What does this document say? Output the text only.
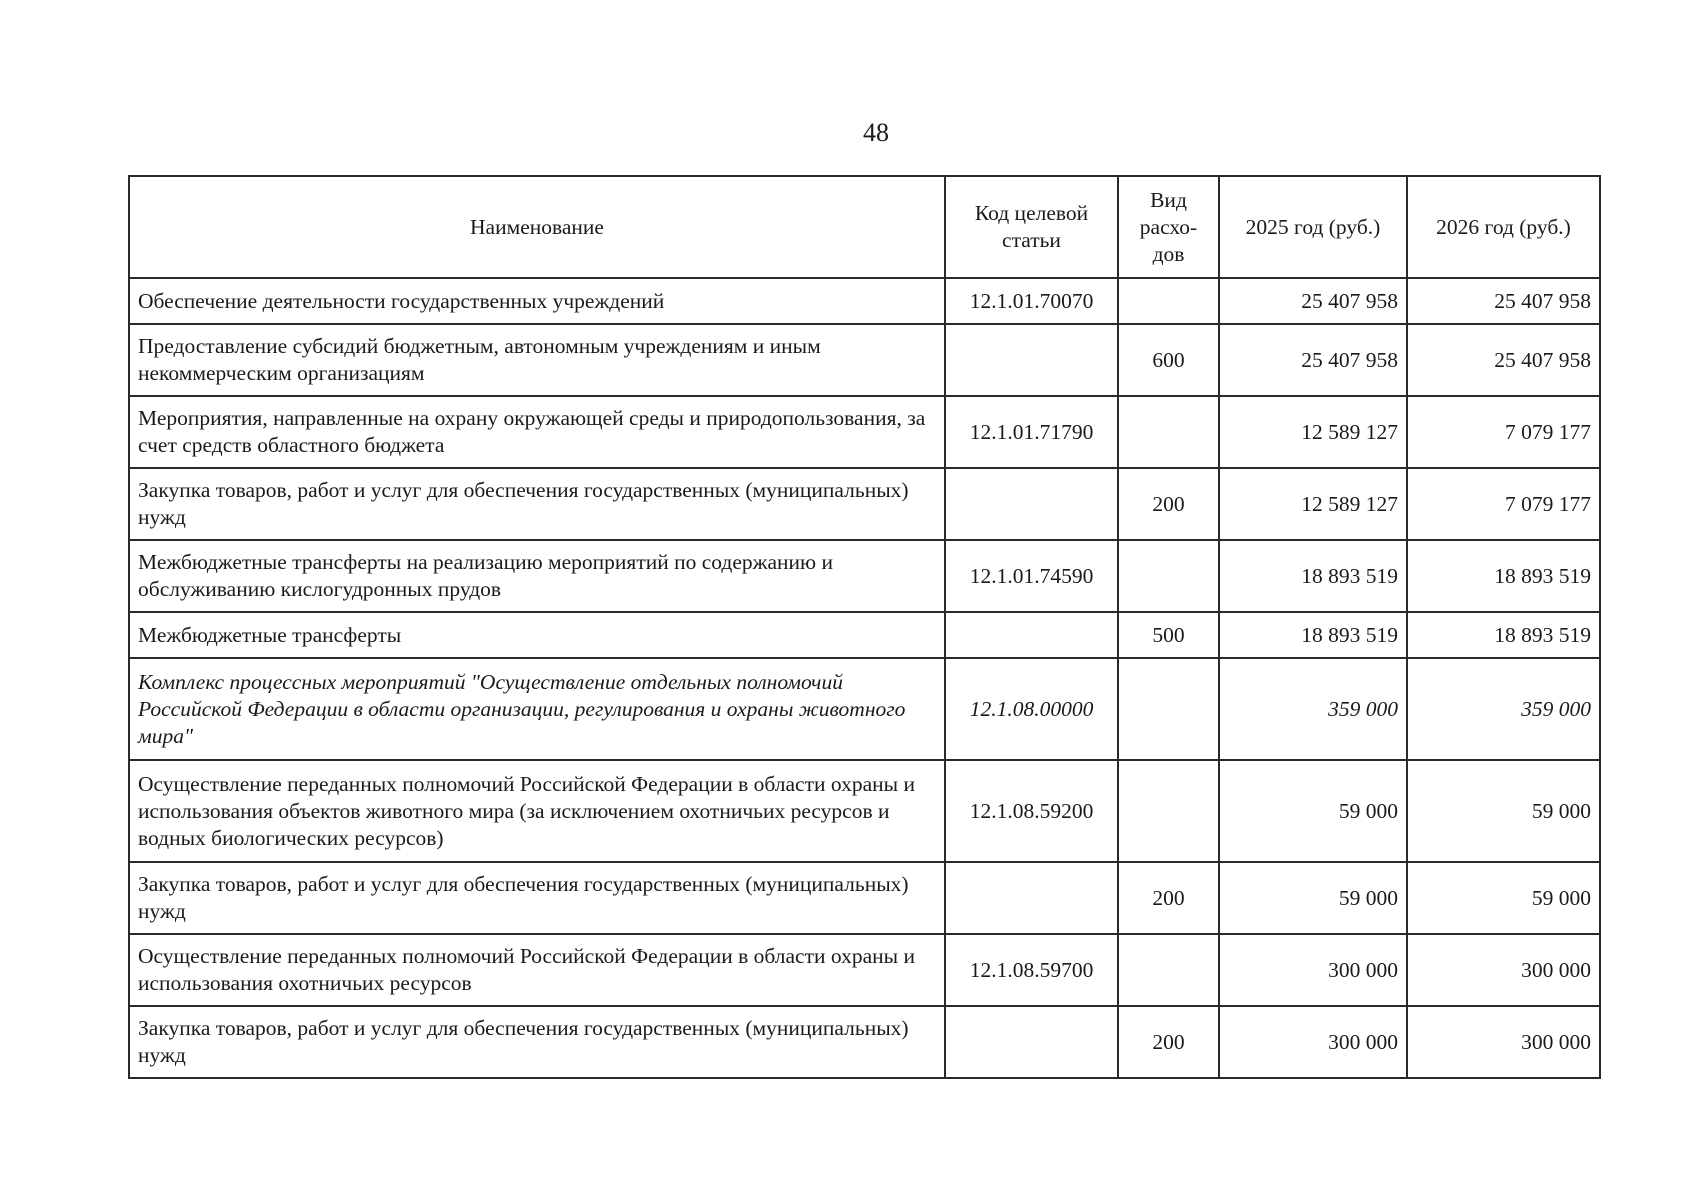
48
Наименование	Код целевой статьи	Вид расхо-дов	2025 год (руб.)	2026 год (руб.)
Обеспечение деятельности государственных учреждений	12.1.01.70070		25 407 958	25 407 958
Предоставление субсидий бюджетным, автономным учреждениям и иным некоммерческим организациям		600	25 407 958	25 407 958
Мероприятия, направленные на охрану окружающей среды и природопользования, за счет средств областного бюджета	12.1.01.71790		12 589 127	7 079 177
Закупка товаров, работ и услуг для обеспечения государственных (муниципальных) нужд		200	12 589 127	7 079 177
Межбюджетные трансферты на реализацию мероприятий по содержанию и обслуживанию кислогудронных прудов	12.1.01.74590		18 893 519	18 893 519
Межбюджетные трансферты		500	18 893 519	18 893 519
Комплекс процессных мероприятий "Осуществление отдельных полномочий Российской Федерации в области организации, регулирования и охраны животного мира"	12.1.08.00000		359 000	359 000
Осуществление переданных полномочий Российской Федерации в области охраны и использования объектов животного мира (за исключением охотничьих ресурсов и водных биологических ресурсов)	12.1.08.59200		59 000	59 000
Закупка товаров, работ и услуг для обеспечения государственных (муниципальных) нужд		200	59 000	59 000
Осуществление переданных полномочий Российской Федерации в области охраны и использования охотничьих ресурсов	12.1.08.59700		300 000	300 000
Закупка товаров, работ и услуг для обеспечения государственных (муниципальных) нужд		200	300 000	300 000
